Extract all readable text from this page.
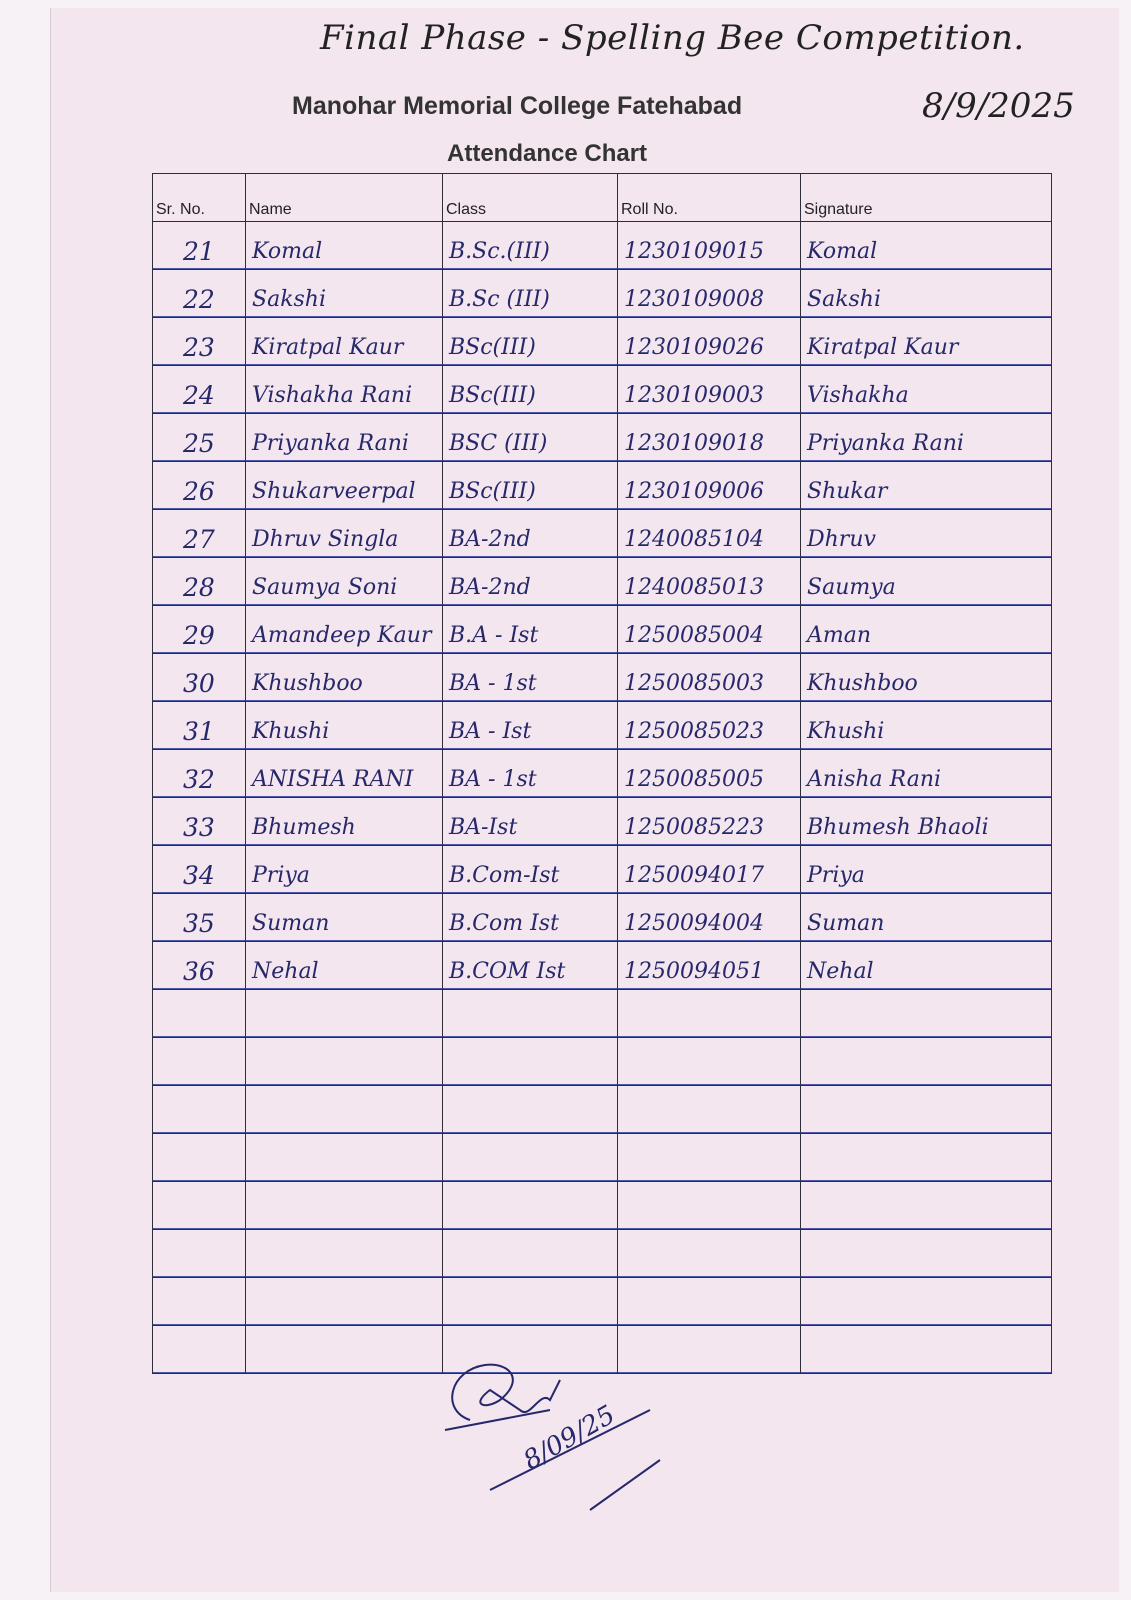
Final Phase - Spelling Bee Competition.
8/9/2025
Manohar Memorial College Fatehabad
Attendance Chart
Sr. No.	Name	Class	Roll No.	Signature

21	Komal	B.Sc.(III)	1230109015	Komal

22	Sakshi	B.Sc (III)	1230109008	Sakshi

23	Kiratpal Kaur	BSc(III)	1230109026	Kiratpal Kaur

24	Vishakha Rani	BSc(III)	1230109003	Vishakha

25	Priyanka Rani	BSC (III)	1230109018	Priyanka Rani

26	Shukarveerpal	BSc(III)	1230109006	Shukar

27	Dhruv Singla	BA-2nd	1240085104	Dhruv

28	Saumya Soni	BA-2nd	1240085013	Saumya

29	Amandeep Kaur	B.A - Ist	1250085004	Aman

30	Khushboo	BA - 1st	1250085003	Khushboo

31	Khushi	BA - Ist	1250085023	Khushi

32	ANISHA RANI	BA - 1st	1250085005	Anisha Rani

33	Bhumesh	BA-Ist	1250085223	Bhumesh Bhaoli

34	Priya	B.Com-Ist	1250094017	Priya

35	Suman	B.Com Ist	1250094004	Suman

36	Nehal	B.COM Ist	1250094051	Nehal

8/09/25
